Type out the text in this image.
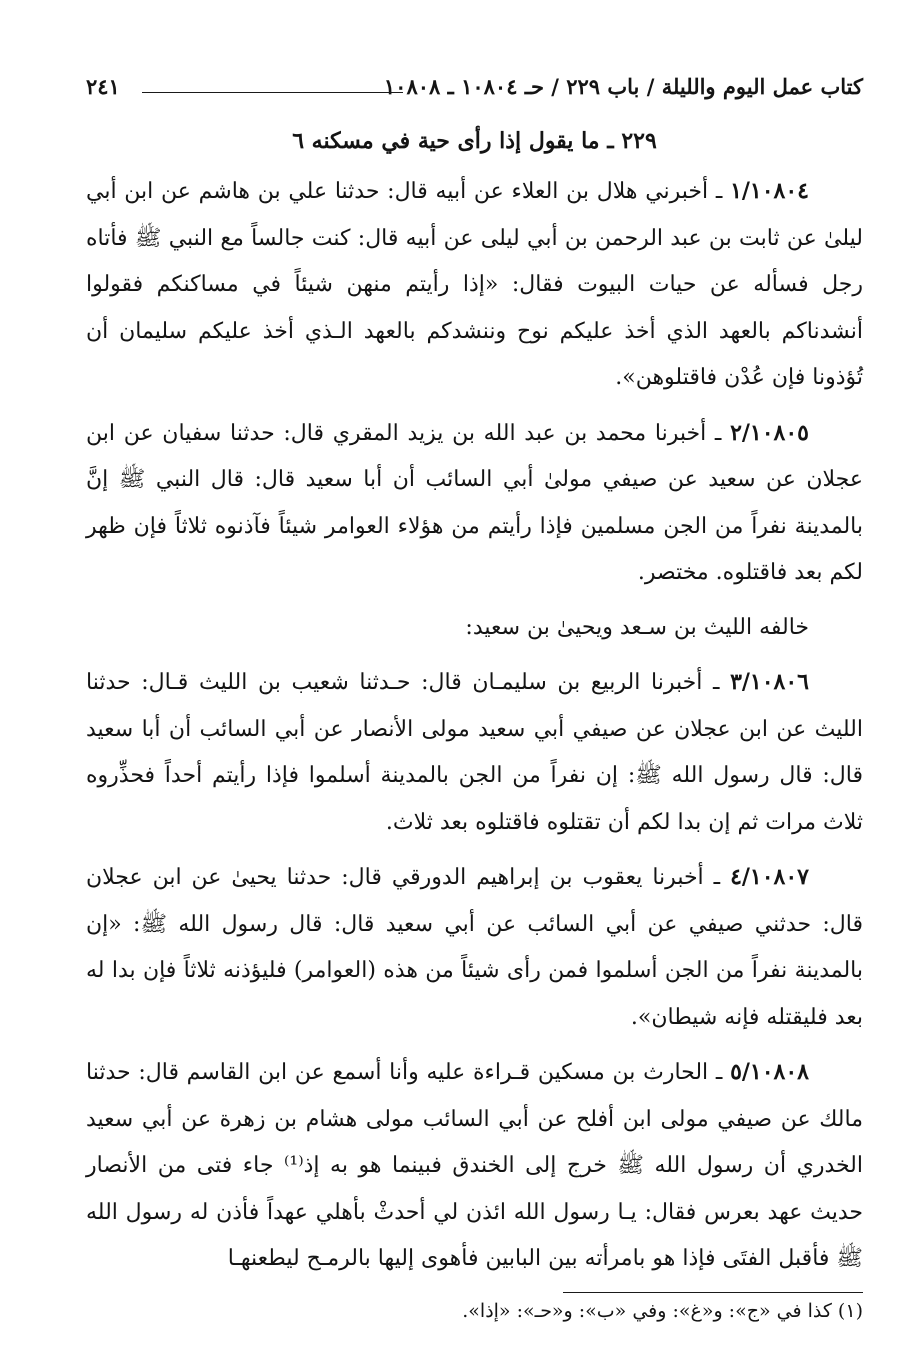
كتاب عمل اليوم والليلة / باب ٢٢٩ / حـ ١٠٨٠٤ ـ ١٠٨٠٨
٢٤١
٢٢٩ ـ ما يقول إذا رأى حية في مسكنه ٦

١/١٠٨٠٤ ـ أخبرني هلال بن العلاء عن أبيه قال: حدثنا علي بن هاشم عن ابن أبي ليلىٰ عن ثابت بن عبد الرحمن بن أبي ليلى عن أبيه قال: كنت جالساً مع النبي ﷺ فأتاه رجل فسأله عن حيات البيوت فقال: «إذا رأيتم منهن شيئاً في مساكنكم فقولوا أنشدناكم بالعهد الذي أخذ عليكم نوح وننشدكم بالعهد الـذي أخذ عليكم سليمان أن تُؤذونا فإن عُدْن فاقتلوهن».

٢/١٠٨٠٥ ـ أخبرنا محمد بن عبد الله بن يزيد المقري قال: حدثنا سفيان عن ابن عجلان عن سعيد عن صيفي مولىٰ أبي السائب أن أبا سعيد قال: قال النبي ﷺ إنَّ بالمدينة نفراً من الجن مسلمين فإذا رأيتم من هؤلاء العوامر شيئاً فآذنوه ثلاثاً فإن ظهر لكم بعد فاقتلوه. مختصر.

خالفه الليث بن سـعد ويحيىٰ بن سعيد:

٣/١٠٨٠٦ ـ أخبرنا الربيع بن سليمـان قال: حـدثنا شعيب بن الليث قـال: حدثنا الليث عن ابن عجلان عن صيفي أبي سعيد مولى الأنصار عن أبي السائب أن أبا سعيد قال: قال رسول الله ﷺ: إن نفراً من الجن بالمدينة أسلموا فإذا رأيتم أحداً فحذِّروه ثلاث مرات ثم إن بدا لكم أن تقتلوه فاقتلوه بعد ثلاث.

٤/١٠٨٠٧ ـ أخبرنا يعقوب بن إبراهيم الدورقي قال: حدثنا يحيىٰ عن ابن عجلان قال: حدثني صيفي عن أبي السائب عن أبي سعيد قال: قال رسول الله ﷺ: «إن بالمدينة نفراً من الجن أسلموا فمن رأى شيئاً من هذه (العوامر) فليؤذنه ثلاثاً فإن بدا له بعد فليقتله فإنه شيطان».

٥/١٠٨٠٨ ـ الحارث بن مسكين قـراءة عليه وأنا أسمع عن ابن القاسم قال: حدثنا مالك عن صيفي مولى ابن أفلح عن أبي السائب مولى هشام بن زهرة عن أبي سعيد الخدري أن رسول الله ﷺ خرج إلى الخندق فبينما هو به إذ⁽¹⁾ جاء فتى من الأنصار حديث عهد بعرس فقال: يـا رسول الله ائذن لي أحدثْ بأهلي عهداً فأذن له رسول الله ﷺ فأقبل الفتَى فإذا هو بامرأته بين البابين فأهوى إليها بالرمـح ليطعنهـا

(١) كذا في «ج»: و«غ»: وفي «ب»: و«حـ»: «إذا».
